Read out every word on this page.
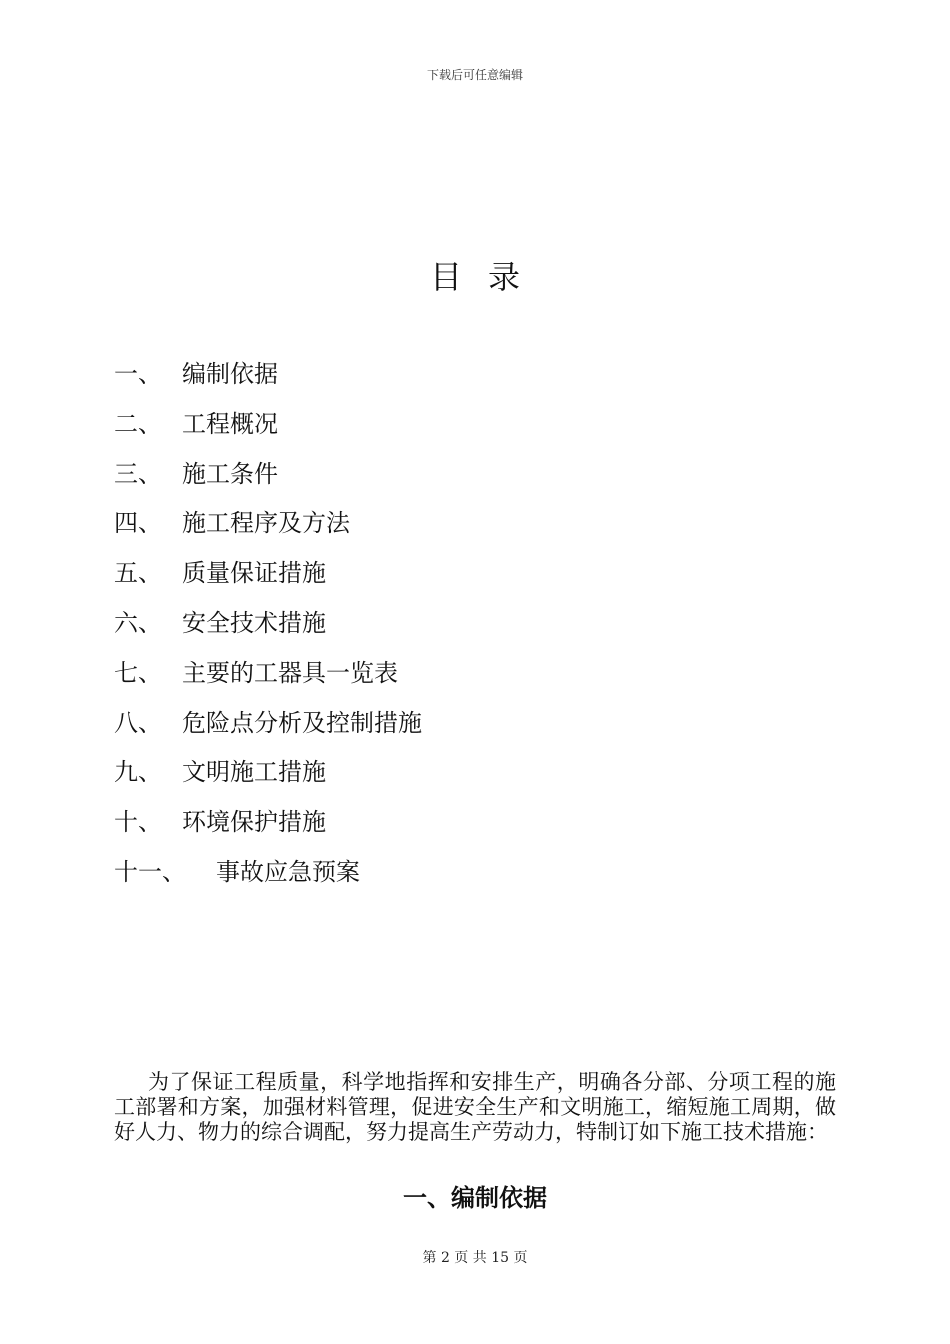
下载后可任意编辑
目录
一、 编制依据
二、 工程概况
三、 施工条件
四、 施工程序及方法
五、 质量保证措施
六、 安全技术措施
七、 主要的工器具一览表
八、 危险点分析及控制措施
九、 文明施工措施
十、 环境保护措施
十一、 事故应急预案

为了保证工程质量，科学地指挥和安排生产，明确各分部、分项工程的施工部署和方案，加强材料管理，促进安全生产和文明施工，缩短施工周期，做好人力、物力的综合调配，努力提高生产劳动力，特制订如下施工技术措施：

一、编制依据
第 2 页 共 15 页
